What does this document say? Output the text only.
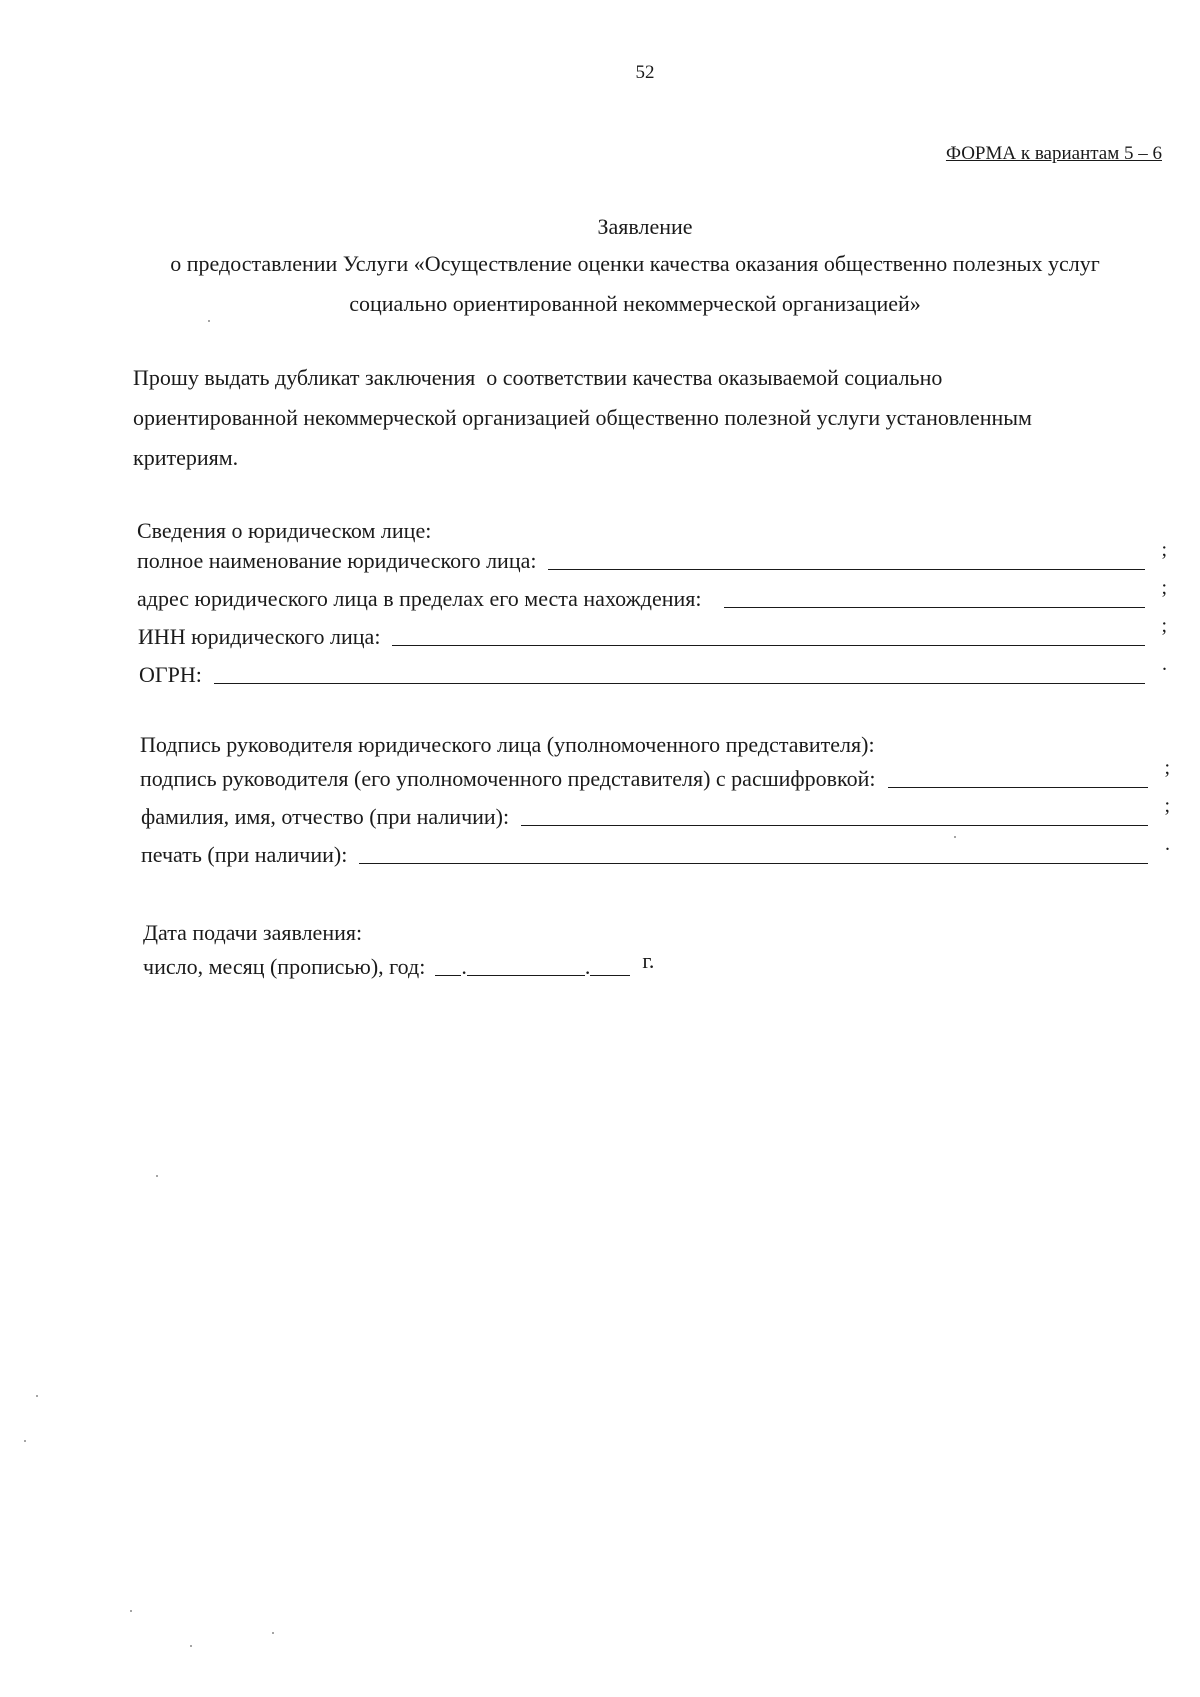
52
ФОРМА к вариантам 5 – 6
Заявление
о предоставлении Услуги «Осуществление оценки качества оказания общественно полезных услуг
социально ориентированной некоммерческой организацией»
Прошу выдать дубликат заключения  о соответствии качества оказываемой социально
ориентированной некоммерческой организацией общественно полезной услуги установленным
критериям.
Сведения о юридическом лице:
полное наименование юридического лица:	;
адрес юридического лица в пределах его места нахождения:	;
ИНН юридического лица:	;
ОГРН:	.
Подпись руководителя юридического лица (уполномоченного представителя):
подпись руководителя (его уполномоченного представителя) с расшифровкой:	;
фамилия, имя, отчество (при наличии):	;
печать (при наличии):	.
Дата подачи заявления:
число, месяц (прописью), год: .	. г.
